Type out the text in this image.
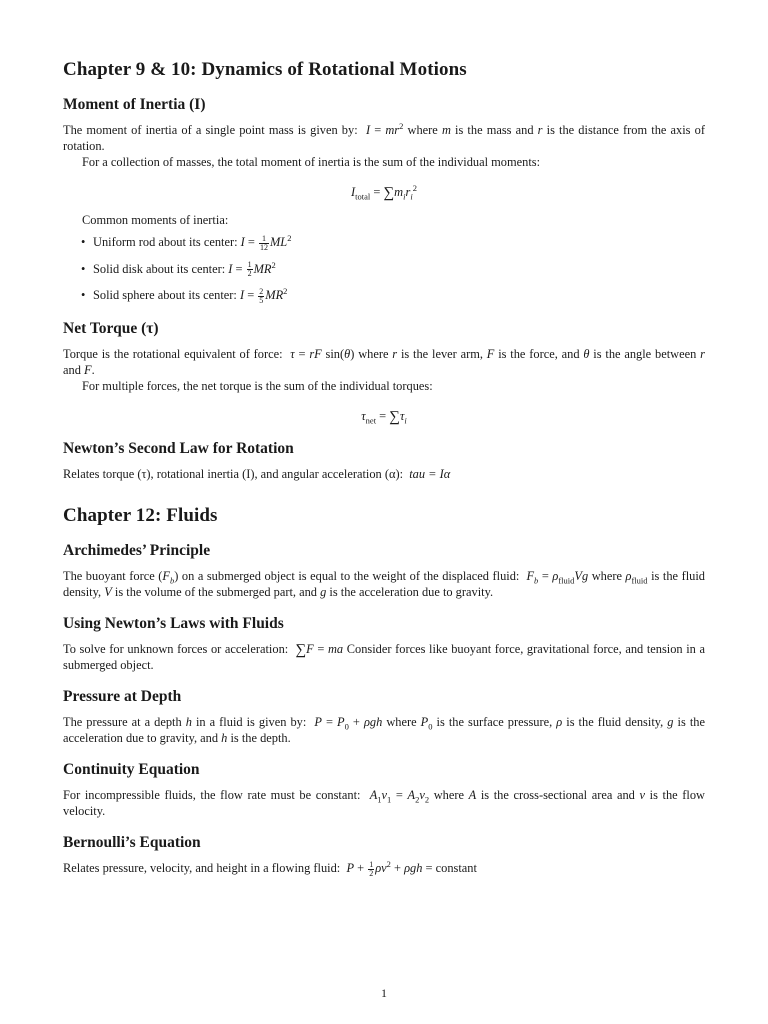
Chapter 9 & 10: Dynamics of Rotational Motions
Moment of Inertia (I)

The moment of inertia of a single point mass is given by: $I = mr^2$ where m is the mass and r is the distance from the axis of rotation.

For a collection of masses, the total moment of inertia is the sum of the individual moments:

$I_{total} = \sum m_ir_i^2$

Common moments of inertia:

• Uniform rod about its center: $I = \frac{1}{12} ML^2$
• Solid disk about its center: $I = \frac{1}{2} MR^2$
• Solid sphere about its center: $I = \frac{2}{5} MR^2$
Net Torque (τ)

Torque is the rotational equivalent of force: τ = rF sin(θ) where r is the lever arm, F is the force, and θ is the angle between r and F.

For multiple forces, the net torque is the sum of the individual torques:

$\tau_{net} = \sum\tau_i$
Newton’s Second Law for Rotation

Relates torque (τ), rotational inertia (I), and angular acceleration (α): tau = Iα

Chapter 12: Fluids
Archimedes’ Principle

The buoyant force $(F_b)$ on a submerged object is equal to the weight of the displaced fluid: $F_b = \rho_{fluid}Vg$ where $\rho_{fluid}$ is the fluid density, V is the volume of the submerged part, and g is the acceleration due to gravity.

Using Newton’s Laws with Fluids

To solve for unknown forces or acceleration: ∑F = ma Consider forces like buoyant force, gravitational force, and tension in a submerged object.

Pressure at Depth

The pressure at a depth h in a fluid is given by: $P = P_0 + \rho gh$ where $P_0$ is the surface pressure, ρ is the fluid density, g is the acceleration due to gravity, and h is the depth.

Continuity Equation

For incompressible fluids, the flow rate must be constant: $A_1v_1 = A_2v_2$ where A is the cross-sectional area and v is the flow velocity.

Bernoulli’s Equation

Relates pressure, velocity, and height in a flowing fluid: $P + \frac{1}{2} \rho v^2 + \rho gh$ = constant

1
